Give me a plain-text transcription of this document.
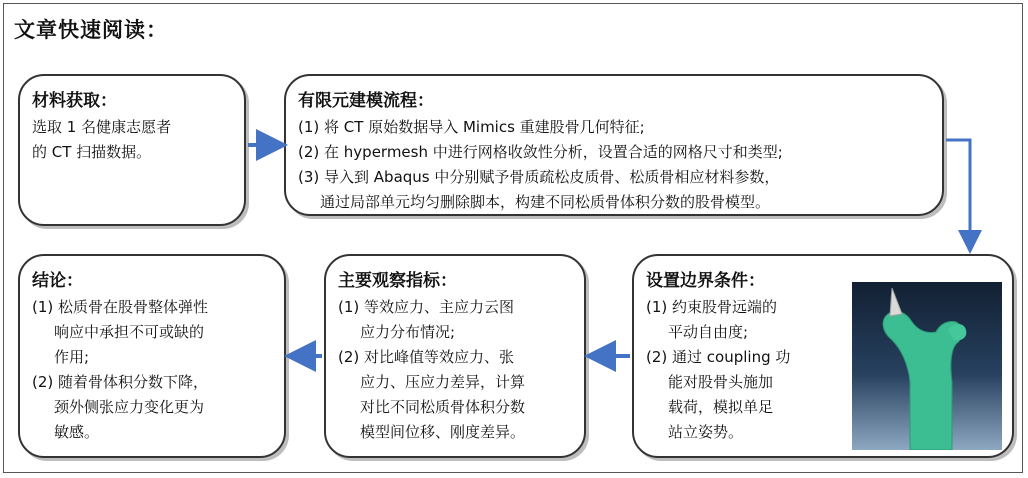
文章快速阅读：
材料获取：
选取 1 名健康志愿者
的 CT 扫描数据。
有限元建模流程：
(1) 将 CT 原始数据导入 Mimics 重建股骨几何特征;
(2) 在 hypermesh 中进行网格收敛性分析，设置合适的网格尺寸和类型;
(3) 导入到 Abaqus 中分别赋予骨质疏松皮质骨、松质骨相应材料参数，
通过局部单元均匀删除脚本，构建不同松质骨体积分数的股骨模型。
设置边界条件：
(1) 约束股骨远端的
平动自由度;
(2) 通过 coupling 功
能对股骨头施加
载荷，模拟单足
站立姿势。
主要观察指标：
(1) 等效应力、主应力云图
应力分布情况;
(2) 对比峰值等效应力、张
应力、压应力差异，计算
对比不同松质骨体积分数
模型间位移、刚度差异。
结论：
(1) 松质骨在股骨整体弹性
响应中承担不可或缺的
作用;
(2) 随着骨体积分数下降，
颈外侧张应力变化更为
敏感。
